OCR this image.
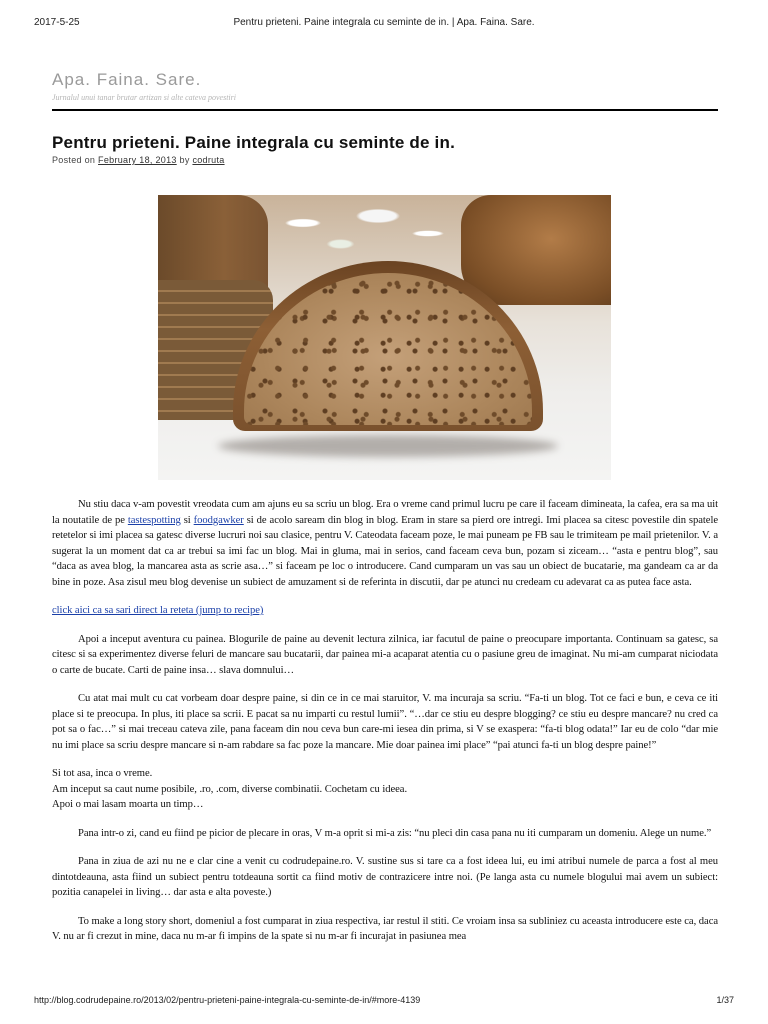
2017-5-25	Pentru prieteni. Paine integrala cu seminte de in. | Apa. Faina. Sare.
Apa. Faina. Sare.
Jurnalul unui tanar brutar artizan si alte cateva povestiri
Pentru prieteni. Paine integrala cu seminte de in.
Posted on February 18, 2013 by codruta

Nu stiu daca v-am povestit vreodata cum am ajuns eu sa scriu un blog. Era o vreme cand primul lucru pe care il faceam dimineata, la cafea, era sa ma uit la noutatile de pe tastespotting si foodgawker si de acolo saream din blog in blog. Eram in stare sa pierd ore intregi. Imi placea sa citesc povestile din spatele retetelor si imi placea sa gatesc diverse lucruri noi sau clasice, pentru V. Cateodata faceam poze, le mai puneam pe FB sau le trimiteam pe mail prietenilor. V. a sugerat la un moment dat ca ar trebui sa imi fac un blog. Mai in gluma, mai in serios, cand faceam ceva bun, pozam si ziceam… “asta e pentru blog”, sau “daca as avea blog, la mancarea asta as scrie asa…” si faceam pe loc o introducere. Cand cumparam un vas sau un obiect de bucatarie, ma gandeam ca ar da bine in poze. Asa zisul meu blog devenise un subiect de amuzament si de referinta in discutii, dar pe atunci nu credeam cu adevarat ca as putea face asta.

click aici ca sa sari direct la reteta (jump to recipe)

Apoi a inceput aventura cu painea. Blogurile de paine au devenit lectura zilnica, iar facutul de paine o preocupare importanta. Continuam sa gatesc, sa citesc si sa experimentez diverse feluri de mancare sau bucatarii, dar painea mi-a acaparat atentia cu o pasiune greu de imaginat. Nu mi-am cumparat niciodata o carte de bucate. Carti de paine insa… slava domnului…

Cu atat mai mult cu cat vorbeam doar despre paine, si din ce in ce mai staruitor, V. ma incuraja sa scriu. “Fa-ti un blog. Tot ce faci e bun, e ceva ce iti place si te preocupa. In plus, iti place sa scrii. E pacat sa nu imparti cu restul lumii”. “…dar ce stiu eu despre blogging? ce stiu eu despre mancare? nu cred ca pot sa o fac…” si mai treceau cateva zile, pana faceam din nou ceva bun care-mi iesea din prima, si V se exaspera: “fa-ti blog odata!” Iar eu de colo “dar mie nu imi place sa scriu despre mancare si n-am rabdare sa fac poze la mancare. Mie doar painea imi place” “pai atunci fa-ti un blog despre paine!”

Si tot asa, inca o vreme.

Am inceput sa caut nume posibile, .ro, .com, diverse combinatii. Cochetam cu ideea.

Apoi o mai lasam moarta un timp…

Pana intr-o zi, cand eu fiind pe picior de plecare in oras, V m-a oprit si mi-a zis: “nu pleci din casa pana nu iti cumparam un domeniu. Alege un nume.”

Pana in ziua de azi nu ne e clar cine a venit cu codrudepaine.ro. V. sustine sus si tare ca a fost ideea lui, eu imi atribui numele de parca a fost al meu dintotdeauna, asta fiind un subiect pentru totdeauna sortit ca fiind motiv de contrazicere intre noi. (Pe langa asta cu numele blogului mai avem un subiect: pozitia canapelei in living… dar asta e alta poveste.)

To make a long story short, domeniul a fost cumparat in ziua respectiva, iar restul il stiti. Ce vroiam insa sa subliniez cu aceasta introducere este ca, daca V. nu ar fi crezut in mine, daca nu m-ar fi impins de la spate si nu m-ar fi incurajat in pasiunea mea

http://blog.codrudepaine.ro/2013/02/pentru-prieteni-paine-integrala-cu-seminte-de-in/#more-4139	1/37
